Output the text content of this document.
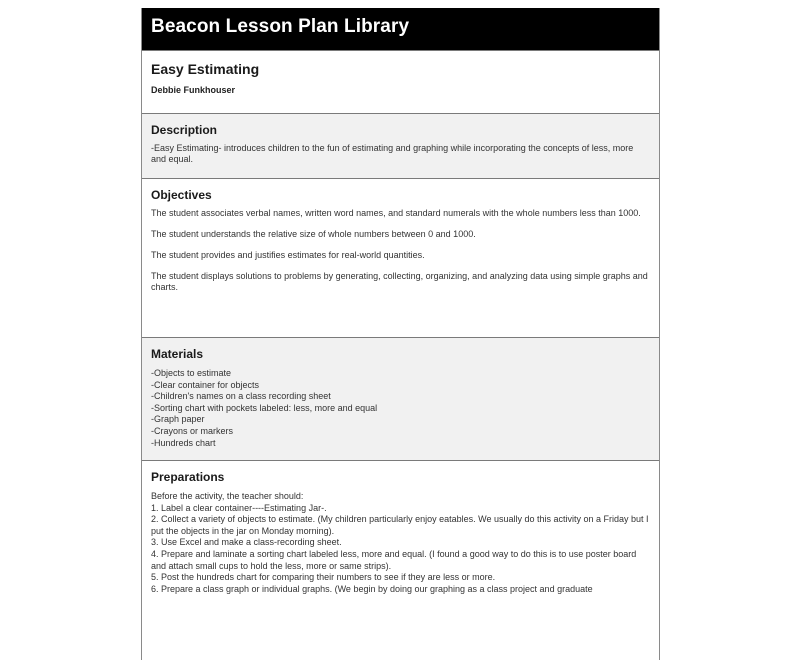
Beacon Lesson Plan Library
Easy Estimating
Debbie Funkhouser
Description

-Easy Estimating- introduces children to the fun of estimating and graphing while incorporating the concepts of less, more and equal.

Objectives

The student associates verbal names, written word names, and standard numerals with the whole numbers less than 1000.

The student understands the relative size of whole numbers between 0 and 1000.

The student provides and justifies estimates for real-world quantities.

The student displays solutions to problems by generating, collecting, organizing, and analyzing data using simple graphs and charts.

Materials
-Objects to estimate
-Clear container for objects
-Children's names on a class recording sheet
-Sorting chart with pockets labeled: less, more and equal
-Graph paper
-Crayons or markers
-Hundreds chart
Preparations
Before the activity, the teacher should:
1. Label a clear container----Estimating Jar-.
2. Collect a variety of objects to estimate. (My children particularly enjoy eatables. We usually do this activity on a Friday but I put the objects in the jar on Monday morning).
3. Use Excel and make a class-recording sheet.
4. Prepare and laminate a sorting chart labeled less, more and equal. (I found a good way to do this is to use poster board and attach small cups to hold the less, more or same strips).
5. Post the hundreds chart for comparing their numbers to see if they are less or more.
6. Prepare a class graph or individual graphs. (We begin by doing our graphing as a class project and graduate
